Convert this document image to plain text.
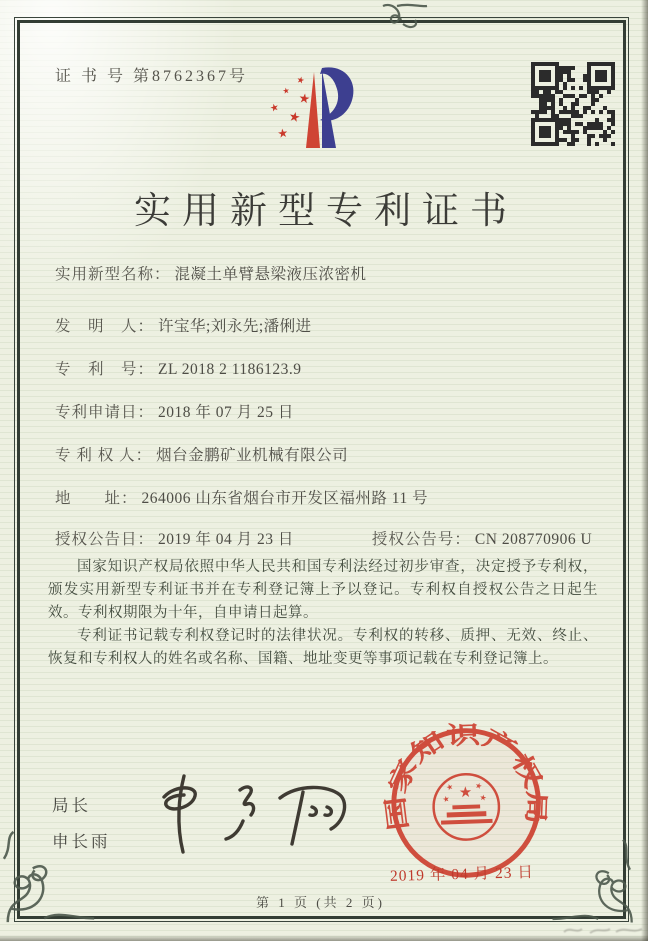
证 书 号 第8762367号	★
★
★
★
★
★
实用新型专利证书
实用新型名称： 混凝土单臂悬梁液压浓密机
发　明　人： 许宝华;刘永先;潘俐进
专　利　号： ZL 2018 2 1186123.9
专利申请日： 2018 年 07 月 25 日
专 利 权 人： 烟台金鹏矿业机械有限公司
地　　址： 264006 山东省烟台市开发区福州路 11 号
授权公告日： 2019 年 04 月 23 日	授权公告号： CN 208770906 U

国家知识产权局依照中华人民共和国专利法经过初步审查，决定授予专利权，颁发实用新型专利证书并在专利登记簿上予以登记。专利权自授权公告之日起生效。专利权期限为十年，自申请日起算。

专利证书记载专利权登记时的法律状况。专利权的转移、质押、无效、终止、恢复和专利权人的姓名或名称、国籍、地址变更等事项记载在专利登记簿上。

局长
申长雨
国家知识产权局
★
★ ★
★	★
2019 年 04 月 23 日
第 1 页 (共 2 页)
